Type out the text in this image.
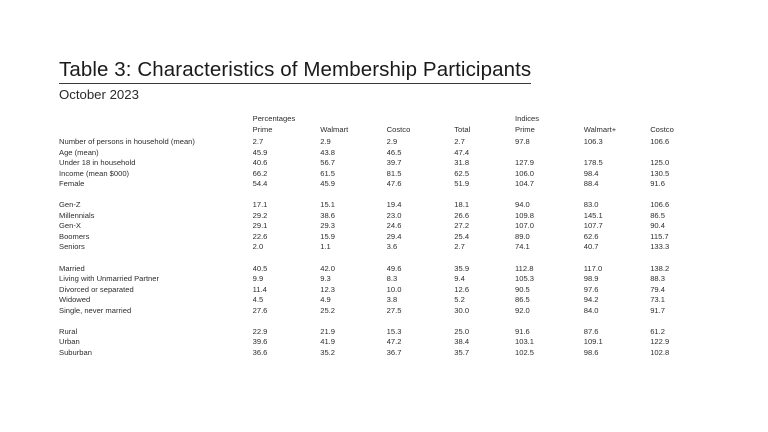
Table 3: Characteristics of Membership Participants
October 2023
	Percentages				Indices		
	Prime	Walmart	Costco	Total	Prime	Walmart+	Costco
Number of persons in household (mean)	2.7	2.9	2.9	2.7	97.8	106.3	106.6
Age (mean)	45.9	43.8	46.5	47.4			
Under 18 in household	40.6	56.7	39.7	31.8	127.9	178.5	125.0
Income (mean $000)	66.2	61.5	81.5	62.5	106.0	98.4	130.5
Female	54.4	45.9	47.6	51.9	104.7	88.4	91.6

Gen-Z	17.1	15.1	19.4	18.1	94.0	83.0	106.6
Millennials	29.2	38.6	23.0	26.6	109.8	145.1	86.5
Gen-X	29.1	29.3	24.6	27.2	107.0	107.7	90.4
Boomers	22.6	15.9	29.4	25.4	89.0	62.6	115.7
Seniors	2.0	1.1	3.6	2.7	74.1	40.7	133.3

Married	40.5	42.0	49.6	35.9	112.8	117.0	138.2
Living with Unmarried Partner	9.9	9.3	8.3	9.4	105.3	98.9	88.3
Divorced or separated	11.4	12.3	10.0	12.6	90.5	97.6	79.4
Widowed	4.5	4.9	3.8	5.2	86.5	94.2	73.1
Single, never married	27.6	25.2	27.5	30.0	92.0	84.0	91.7

Rural	22.9	21.9	15.3	25.0	91.6	87.6	61.2
Urban	39.6	41.9	47.2	38.4	103.1	109.1	122.9
Suburban	36.6	35.2	36.7	35.7	102.5	98.6	102.8
